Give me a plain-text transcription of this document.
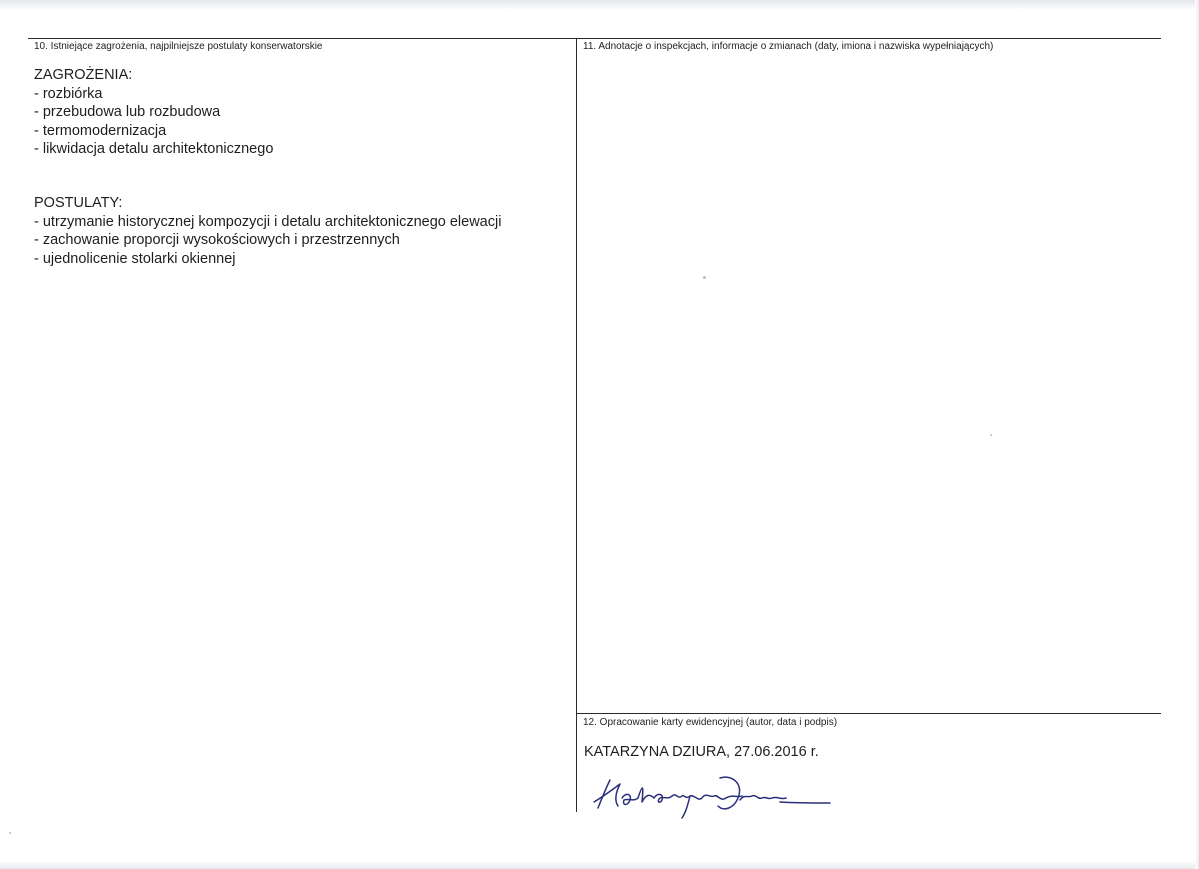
10. Istniejące zagrożenia, najpilniejsze postulaty konserwatorskie
ZAGROŻENIA:
- rozbiórka
- przebudowa lub rozbudowa
- termomodernizacja
- likwidacja detalu architektonicznego
POSTULATY:
- utrzymanie historycznej kompozycji i detalu architektonicznego elewacji
- zachowanie proporcji wysokościowych i przestrzennych
- ujednolicenie stolarki okiennej
11. Adnotacje o inspekcjach, informacje o zmianach (daty, imiona i nazwiska wypełniających)
12. Opracowanie karty ewidencyjnej (autor, data i podpis)
KATARZYNA DZIURA, 27.06.2016 r.
